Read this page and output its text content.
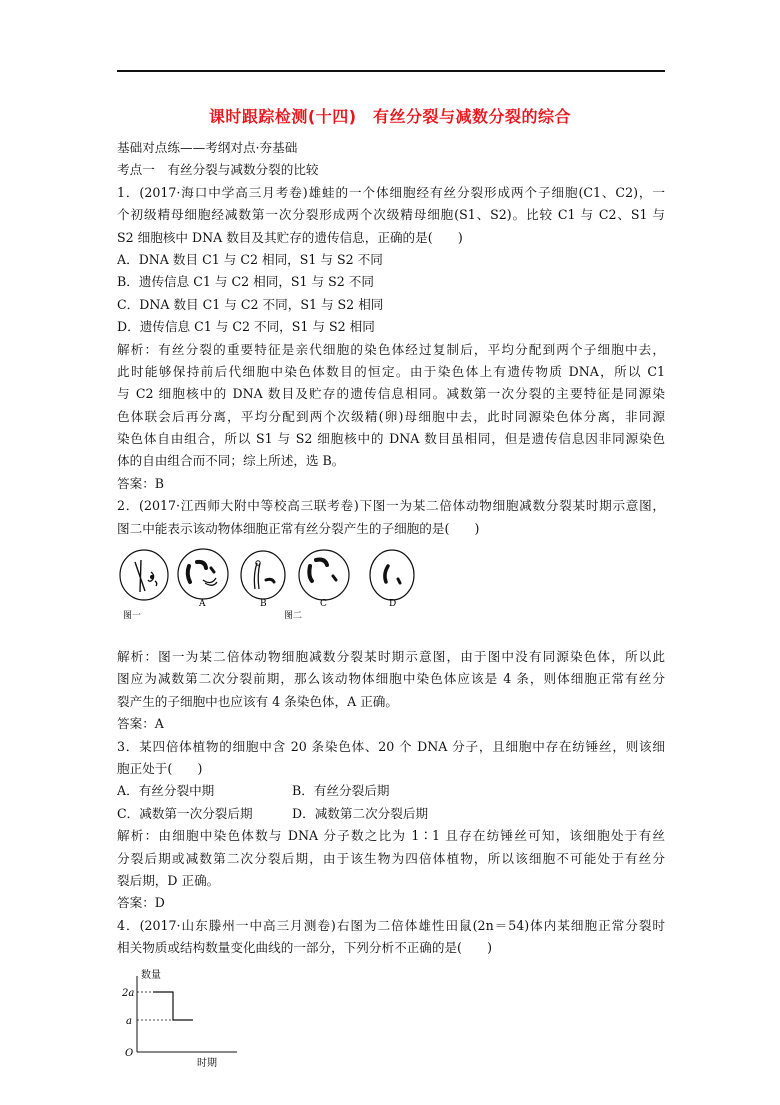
课时跟踪检测(十四)　有丝分裂与减数分裂的综合
基础对点练——考纲对点·夯基础
考点一　有丝分裂与减数分裂的比较
1．(2017·海口中学高三月考卷)雄蛙的一个体细胞经有丝分裂形成两个子细胞(C1、C2)，一
个初级精母细胞经减数第一次分裂形成两个次级精母细胞(S1、S2)。比较 C1 与 C2、S1 与
S2 细胞核中 DNA 数目及其贮存的遗传信息，正确的是(　　)
A．DNA 数目 C1 与 C2 相同，S1 与 S2 不同
B．遗传信息 C1 与 C2 相同，S1 与 S2 不同
C．DNA 数目 C1 与 C2 不同，S1 与 S2 相同
D．遗传信息 C1 与 C2 不同，S1 与 S2 相同
解析：有丝分裂的重要特征是亲代细胞的染色体经过复制后，平均分配到两个子细胞中去，
此时能够保持前后代细胞中染色体数目的恒定。由于染色体上有遗传物质 DNA，所以 C1
与 C2 细胞核中的 DNA 数目及贮存的遗传信息相同。减数第一次分裂的主要特征是同源染
色体联会后再分离，平均分配到两个次级精(卵)母细胞中去，此时同源染色体分离，非同源
染色体自由组合，所以 S1 与 S2 细胞核中的 DNA 数目虽相同，但是遗传信息因非同源染色
体的自由组合而不同；综上所述，选 B。
答案：B
2．(2017·江西师大附中等校高三联考卷)下图一为某二倍体动物细胞减数分裂某时期示意图，
图二中能表示该动物体细胞正常有丝分裂产生的子细胞的是(　　)
图一
A	B
图二
C	D
解析：图一为某二倍体动物细胞减数分裂某时期示意图，由于图中没有同源染色体，所以此
图应为减数第二次分裂前期，那么该动物体细胞中染色体应该是 4 条，则体细胞正常有丝分
裂产生的子细胞中也应该有 4 条染色体，A 正确。
答案：A
3．某四倍体植物的细胞中含 20 条染色体、20 个 DNA 分子，且细胞中存在纺锤丝，则该细
胞正处于(　　)
A．有丝分裂中期	B．有丝分裂后期
C．减数第一次分裂后期	D．减数第二次分裂后期
解析：由细胞中染色体数与 DNA 分子数之比为 1∶1 且存在纺锤丝可知，该细胞处于有丝
分裂后期或减数第二次分裂后期，由于该生物为四倍体植物，所以该细胞不可能处于有丝分
裂后期，D 正确。
答案：D
4．(2017·山东滕州一中高三月测卷)右图为二倍体雄性田鼠(2n＝54)体内某细胞正常分裂时
相关物质或结构数量变化曲线的一部分，下列分析不正确的是(　　)
数量
2a
a
O
时期
